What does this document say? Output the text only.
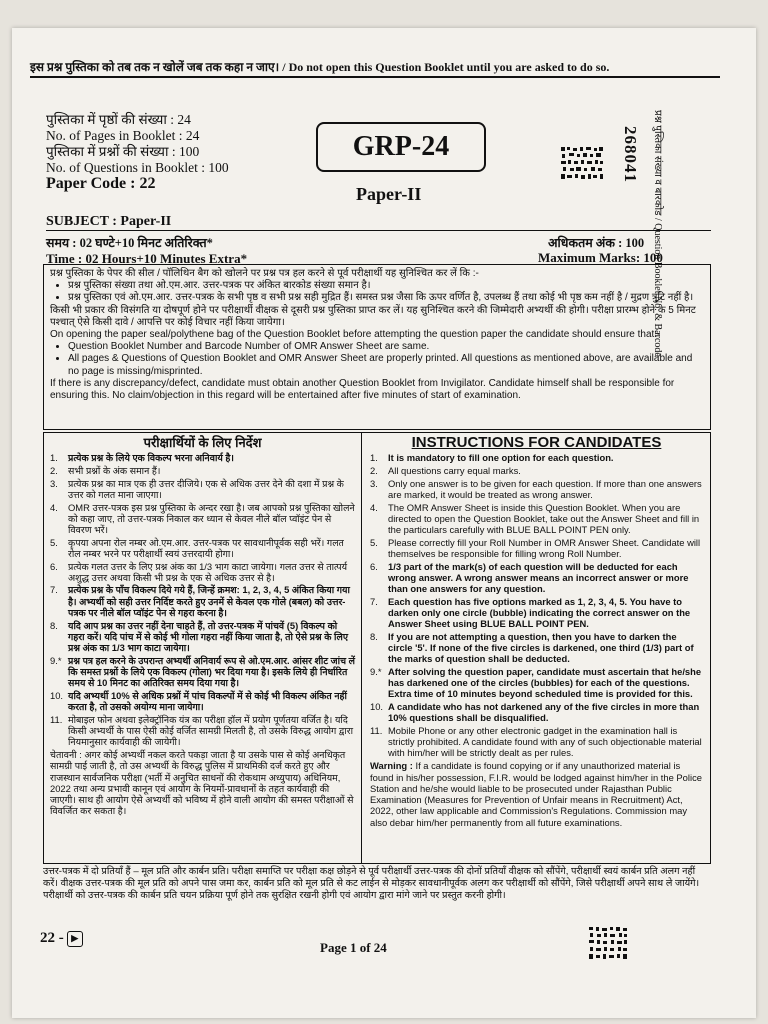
इस प्रश्न पुस्तिका को तब तक न खोलें जब तक कहा न जाए। / Do not open this Question Booklet until you are asked to do so.
पुस्तिका में पृष्ठों की संख्या : 24
No. of Pages in Booklet : 24
पुस्तिका में प्रश्नों की संख्या : 100
No. of Questions in Booklet : 100
Paper Code : 22
GRP-24
Paper-II
268041 प्रश्न पुस्तिका संख्या व बारकोड / Question Booklet No. & Barcode
SUBJECT : Paper-II
समय : 02 घण्टे+10 मिनट अतिरिक्त*
Time : 02 Hours+10 Minutes Extra*
अधिकतम अंक : 100
Maximum Marks: 100

प्रश्न पुस्तिका के पेपर की सील / पॉलिथिन बैग को खोलने पर प्रश्न पत्र हल करने से पूर्व परीक्षार्थी यह सुनिश्चित कर लें कि :-

• प्रश्न पुस्तिका संख्या तथा ओ.एम.आर. उत्तर-पत्रक पर अंकित बारकोड संख्या समान है।
• प्रश्न पुस्तिका एवं ओ.एम.आर. उत्तर-पत्रक के सभी पृष्ठ व सभी प्रश्न सही मुद्रित हैं। समस्त प्रश्न जैसा कि ऊपर वर्णित है, उपलब्ध हैं तथा कोई भी पृष्ठ कम नहीं है / मुद्रण त्रुटि नहीं है।

किसी भी प्रकार की विसंगति या दोषपूर्ण होने पर परीक्षार्थी वीक्षक से दूसरी प्रश्न पुस्तिका प्राप्त कर लें। यह सुनिश्चित करने की जिम्मेदारी अभ्यर्थी की होगी। परीक्षा प्रारम्भ होने के 5 मिनट पश्चात् ऐसे किसी दावे / आपत्ति पर कोई विचार नहीं किया जायेगा।

On opening the paper seal/polythene bag of the Question Booklet before attempting the question paper the candidate should ensure that:-

• Question Booklet Number and Barcode Number of OMR Answer Sheet are same.
• All pages & Questions of Question Booklet and OMR Answer Sheet are properly printed. All questions as mentioned above, are available and no page is missing/misprinted.

If there is any discrepancy/defect, candidate must obtain another Question Booklet from Invigilator. Candidate himself shall be responsible for ensuring this. No claim/objection in this regard will be entertained after five minutes of start of examination.

परीक्षार्थियों के लिए निर्देश
1.	प्रत्येक प्रश्न के लिये एक विकल्प भरना अनिवार्य है।
2.	सभी प्रश्नों के अंक समान हैं।
3.	प्रत्येक प्रश्न का मात्र एक ही उत्तर दीजिये। एक से अधिक उत्तर देने की दशा में प्रश्न के उत्तर को गलत माना जाएगा।
4.	OMR उत्तर-पत्रक इस प्रश्न पुस्तिका के अन्दर रखा है। जब आपको प्रश्न पुस्तिका खोलने को कहा जाए, तो उत्तर-पत्रक निकाल कर ध्यान से केवल नीले बॉल प्वॉइंट पेन से विवरण भरें।
5.	कृपया अपना रोल नम्बर ओ.एम.आर. उत्तर-पत्रक पर सावधानीपूर्वक सही भरें। गलत रोल नम्बर भरने पर परीक्षार्थी स्वयं उत्तरदायी होगा।
6.	प्रत्येक गलत उत्तर के लिए प्रश्न अंक का 1/3 भाग काटा जायेगा। गलत उत्तर से तात्पर्य अशुद्ध उत्तर अथवा किसी भी प्रश्न के एक से अधिक उत्तर से है।
7.	प्रत्येक प्रश्न के पाँच विकल्प दिये गये हैं, जिन्हें क्रमश: 1, 2, 3, 4, 5 अंकित किया गया है। अभ्यर्थी को सही उत्तर निर्दिष्ट करते हुए उनमें से केवल एक गोले (बबल) को उत्तर-पत्रक पर नीले बॉल प्वॉइंट पेन से गहरा करना है।
8.	यदि आप प्रश्न का उत्तर नहीं देना चाहते हैं, तो उत्तर-पत्रक में पांचवें (5) विकल्प को गहरा करें। यदि पांच में से कोई भी गोला गहरा नहीं किया जाता है, तो ऐसे प्रश्न के लिए प्रश्न अंक का 1/3 भाग काटा जायेगा।
9.* प्रश्न पत्र हल करने के उपरान्त अभ्यर्थी अनिवार्य रूप से ओ.एम.आर. आंसर शीट जांच लें कि समस्त प्रश्नों के लिये एक विकल्प (गोला) भर दिया गया है। इसके लिये ही निर्धारित समय से 10 मिनट का अतिरिक्त समय दिया गया है।
10. यदि अभ्यर्थी 10% से अधिक प्रश्नों में पांच विकल्पों में से कोई भी विकल्प अंकित नहीं करता है, तो उसको अयोग्य माना जायेगा।
11. मोबाइल फोन अथवा इलेक्ट्रॉनिक यंत्र का परीक्षा हॉल में प्रयोग पूर्णतया वर्जित है। यदि किसी अभ्यर्थी के पास ऐसी कोई वर्जित सामग्री मिलती है, तो उसके विरुद्ध आयोग द्वारा नियमानुसार कार्यवाही की जायेगी।
चेतावनी : अगर कोई अभ्यर्थी नकल करते पकड़ा जाता है या उसके पास से कोई अनधिकृत सामग्री पाई जाती है, तो उस अभ्यर्थी के विरुद्ध पुलिस में प्राथमिकी दर्ज करते हुए और राजस्थान सार्वजनिक परीक्षा (भर्ती में अनुचित साधनों की रोकथाम अध्युपाय) अधिनियम, 2022 तथा अन्य प्रभावी कानून एवं आयोग के नियमों-प्रावधानों के तहत कार्यवाही की जाएगी। साथ ही आयोग ऐसे अभ्यर्थी को भविष्य में होने वाली आयोग की समस्त परीक्षाओं से विवर्जित कर सकता है।
INSTRUCTIONS FOR CANDIDATES
1.	It is mandatory to fill one option for each question.
2.	All questions carry equal marks.
3.	Only one answer is to be given for each question. If more than one answers are marked, it would be treated as wrong answer.
4.	The OMR Answer Sheet is inside this Question Booklet. When you are directed to open the Question Booklet, take out the Answer Sheet and fill in the particulars carefully with BLUE BALL POINT PEN only.
5.	Please correctly fill your Roll Number in OMR Answer Sheet. Candidate will themselves be responsible for filling wrong Roll Number.
6.	1/3 part of the mark(s) of each question will be deducted for each wrong answer. A wrong answer means an incorrect answer or more than one answers for any question.
7.	Each question has five options marked as 1, 2, 3, 4, 5. You have to darken only one circle (bubble) indicating the correct answer on the Answer Sheet using BLUE BALL POINT PEN.
8.	If you are not attempting a question, then you have to darken the circle '5'. If none of the five circles is darkened, one third (1/3) part of the marks of question shall be deducted.
9.* After solving the question paper, candidate must ascertain that he/she has darkened one of the circles (bubbles) for each of the questions. Extra time of 10 minutes beyond scheduled time is provided for this.
10. A candidate who has not darkened any of the five circles in more than 10% questions shall be disqualified.
11. Mobile Phone or any other electronic gadget in the examination hall is strictly prohibited. A candidate found with any of such objectionable material with him/her will be strictly dealt as per rules.
Warning : If a candidate is found copying or if any unauthorized material is found in his/her possession, F.I.R. would be lodged against him/her in the Police Station and he/she would liable to be prosecuted under Rajasthan Public Examination (Measures for Prevention of Unfair means in Recruitment) Act, 2022, other law applicable and Commission's Regulations. Commission may also debar him/her permanently from all future examinations.
उत्तर-पत्रक में दो प्रतियाँ हैं – मूल प्रति और कार्बन प्रति। परीक्षा समाप्ति पर परीक्षा कक्ष छोड़ने से पूर्व परीक्षार्थी उत्तर-पत्रक की दोनों प्रतियाँ वीक्षक को सौंपेंगे, परीक्षार्थी स्वयं कार्बन प्रति अलग नहीं करें। वीक्षक उत्तर-पत्रक की मूल प्रति को अपने पास जमा कर, कार्बन प्रति को मूल प्रति से कट लाईन से मोड़कर सावधानीपूर्वक अलग कर परीक्षार्थी को सौंपेंगे, जिसे परीक्षार्थी अपने साथ ले जायेंगे। परीक्षार्थी को उत्तर-पत्रक की कार्बन प्रति चयन प्रक्रिया पूर्ण होने तक सुरक्षित रखनी होगी एवं आयोग द्वारा मांगे जाने पर प्रस्तुत करनी होगी।
22 - ▶
Page 1 of 24
